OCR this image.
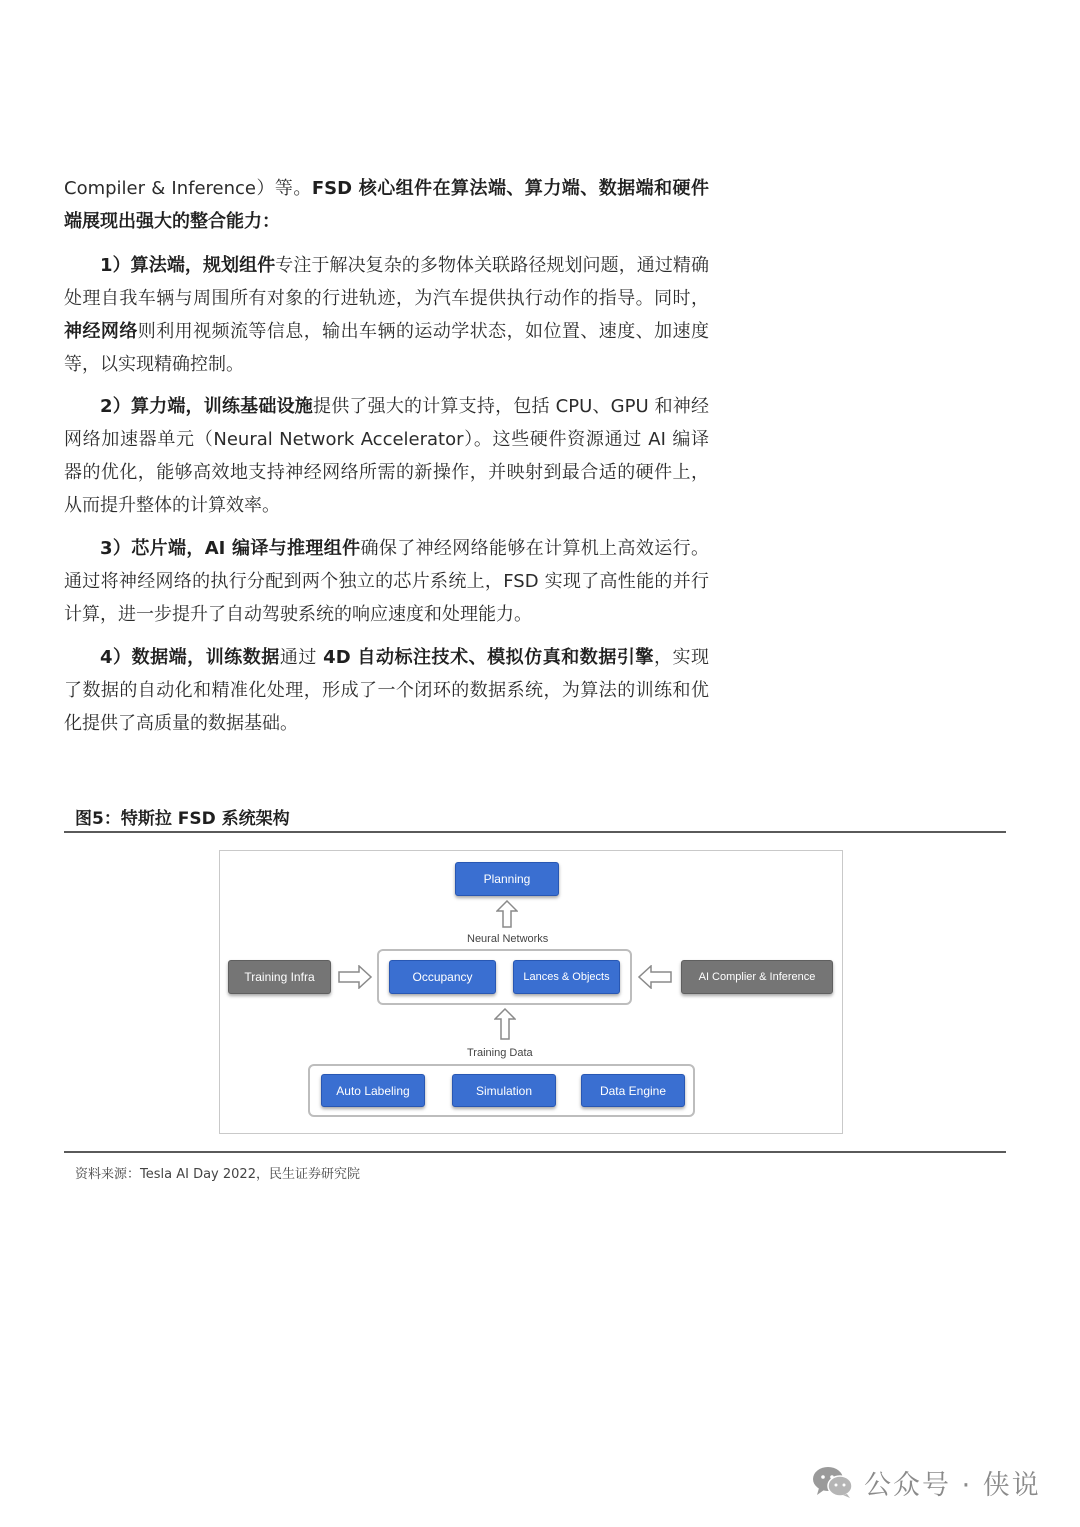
Compiler & Inference）等。FSD 核心组件在算法端、算力端、数据端和硬件端展现出强大的整合能力：
1）算法端，规划组件专注于解决复杂的多物体关联路径规划问题，通过精确处理自我车辆与周围所有对象的行进轨迹，为汽车提供执行动作的指导。同时，神经网络则利用视频流等信息，输出车辆的运动学状态，如位置、速度、加速度等，以实现精确控制。
2）算力端，训练基础设施提供了强大的计算支持，包括 CPU、GPU 和神经网络加速器单元（Neural Network Accelerator）。这些硬件资源通过 AI 编译器的优化，能够高效地支持神经网络所需的新操作，并映射到最合适的硬件上，从而提升整体的计算效率。
3）芯片端，AI 编译与推理组件确保了神经网络能够在计算机上高效运行。通过将神经网络的执行分配到两个独立的芯片系统上，FSD 实现了高性能的并行计算，进一步提升了自动驾驶系统的响应速度和处理能力。
4）数据端，训练数据通过 4D 自动标注技术、模拟仿真和数据引擎，实现了数据的自动化和精准化处理，形成了一个闭环的数据系统，为算法的训练和优化提供了高质量的数据基础。
图5：特斯拉 FSD 系统架构
Planning
Neural Networks
Occupancy	Lances & Objects
Training Infra	AI Complier & Inference
Training Data
Auto Labeling	Simulation	Data Engine
资料来源：Tesla AI Day 2022，民生证券研究院
公众号 · 侠说
